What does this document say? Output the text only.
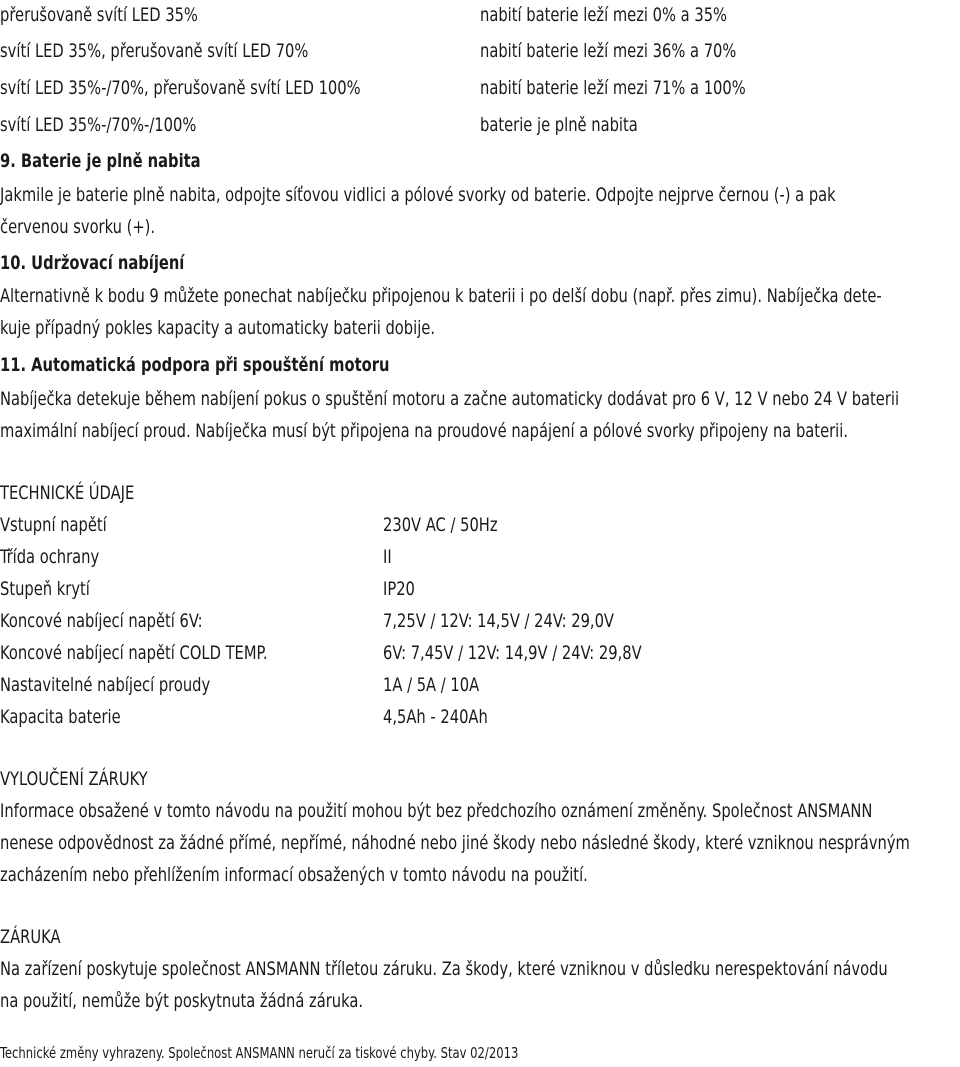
přerušovaně svítí LED 35%	nabití baterie leží mezi 0% a 35%
svítí LED 35%, přerušovaně svítí LED 70%	nabití baterie leží mezi 36% a 70%
svítí LED 35%-/70%, přerušovaně svítí LED 100%	nabití baterie leží mezi 71% a 100%
svítí LED 35%-/70%-/100%	baterie je plně nabita
9. Baterie je plně nabita
Jakmile je baterie plně nabita, odpojte síťovou vidlici a pólové svorky od baterie. Odpojte nejprve černou (-) a pak
červenou svorku (+).
10. Udržovací nabíjení
Alternativně k bodu 9 můžete ponechat nabíječku připojenou k baterii i po delší dobu (např. přes zimu). Nabíječka dete-
kuje případný pokles kapacity a automaticky baterii dobije.
11. Automatická podpora při spouštění motoru
Nabíječka detekuje během nabíjení pokus o spuštění motoru a začne automaticky dodávat pro 6 V, 12 V nebo 24 V baterii
maximální nabíjecí proud. Nabíječka musí být připojena na proudové napájení a pólové svorky připojeny na baterii.
TECHNICKÉ ÚDAJE
Vstupní napětí	230V AC / 50Hz
Třída ochrany	II
Stupeň krytí	IP20
Koncové nabíjecí napětí 6V:	7,25V / 12V: 14,5V / 24V: 29,0V
Koncové nabíjecí napětí COLD TEMP.	6V: 7,45V / 12V: 14,9V / 24V: 29,8V
Nastavitelné nabíjecí proudy	1A / 5A / 10A
Kapacita baterie	4,5Ah - 240Ah
VYLOUČENÍ ZÁRUKY
Informace obsažené v tomto návodu na použití mohou být bez předchozího oznámení změněny. Společnost ANSMANN
nenese odpovědnost za žádné přímé, nepřímé, náhodné nebo jiné škody nebo následné škody, které vzniknou nesprávným
zacházením nebo přehlížením informací obsažených v tomto návodu na použití.
ZÁRUKA
Na zařízení poskytuje společnost ANSMANN tříletou záruku. Za škody, které vzniknou v důsledku nerespektování návodu
na použití, nemůže být poskytnuta žádná záruka.
Technické změny vyhrazeny. Společnost ANSMANN neručí za tiskové chyby. Stav 02/2013
